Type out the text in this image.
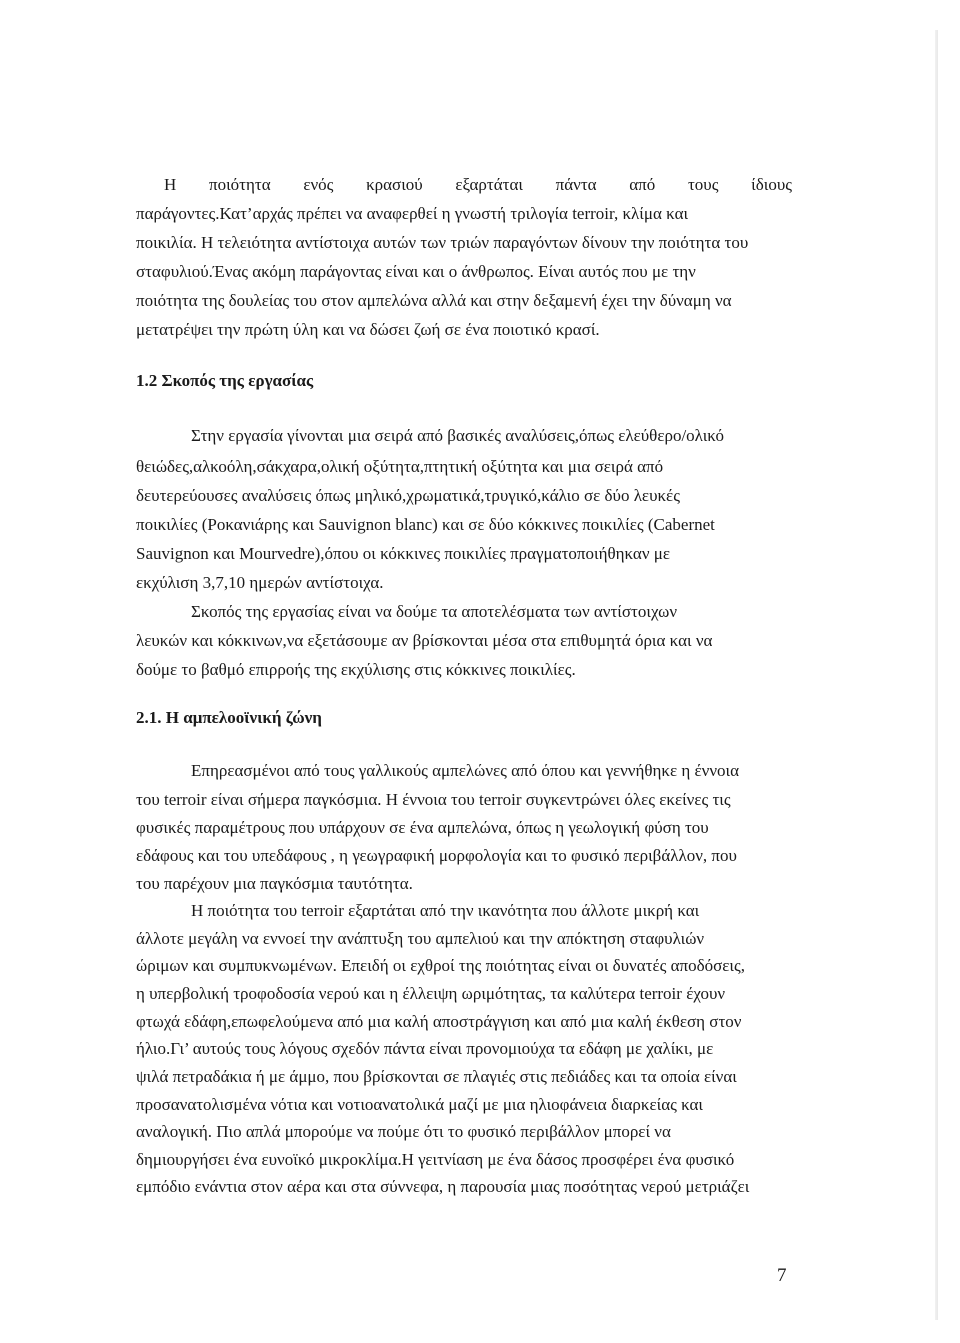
Η ποιότητα ενός κρασιού εξαρτάται πάντα από τους ίδιους
παράγοντες.Κατ’αρχάς πρέπει να αναφερθεί η γνωστή τριλογία terroir, κλίμα και
ποικιλία. Η τελειότητα αντίστοιχα αυτών των τριών παραγόντων δίνουν την ποιότητα του
σταφυλιού.Ένας ακόμη παράγοντας είναι και ο άνθρωπος. Είναι αυτός που με την
ποιότητα της δουλείας του στον αμπελώνα αλλά και στην δεξαμενή έχει την δύναμη να
μετατρέψει την πρώτη ύλη και να δώσει ζωή σε ένα ποιοτικό κρασί.
1.2 Σκοπός της εργασίας
Στην εργασία γίνονται μια σειρά από βασικές αναλύσεις,όπως ελεύθερο/ολικό
θειώδες,αλκοόλη,σάκχαρα,ολική οξύτητα,πτητική οξύτητα και μια σειρά από
δευτερεύουσες αναλύσεις όπως μηλικό,χρωματικά,τρυγικό,κάλιο σε δύο λευκές
ποικιλίες (Ροκανιάρης και Sauvignon blanc) και σε δύο κόκκινες ποικιλίες (Cabernet
Sauvignon και Mourvedre),όπου οι κόκκινες ποικιλίες πραγματοποιήθηκαν με
εκχύλιση 3,7,10 ημερών αντίστοιχα.
Σκοπός της εργασίας είναι να δούμε τα αποτελέσματα των αντίστοιχων
λευκών και κόκκινων,να εξετάσουμε αν βρίσκονται μέσα στα επιθυμητά όρια και να
δούμε το βαθμό επιρροής της εκχύλισης στις κόκκινες ποικιλίες.
2.1. Η αμπελοοϊνική ζώνη
Επηρεασμένοι από τους γαλλικούς αμπελώνες από όπου και γεννήθηκε η έννοια
του terroir είναι σήμερα παγκόσμια. Η έννοια του terroir συγκεντρώνει όλες εκείνες τις
φυσικές παραμέτρους που υπάρχουν σε ένα αμπελώνα, όπως η γεωλογική φύση του
εδάφους και του υπεδάφους , η γεωγραφική μορφολογία και το φυσικό περιβάλλον, που
του παρέχουν μια παγκόσμια ταυτότητα.
Η ποιότητα του terroir εξαρτάται από την ικανότητα που άλλοτε μικρή και
άλλοτε μεγάλη να εννοεί την ανάπτυξη του αμπελιού και την απόκτηση σταφυλιών
ώριμων και συμπυκνωμένων. Επειδή οι εχθροί της ποιότητας είναι οι δυνατές αποδόσεις,
η υπερβολική τροφοδοσία νερού και η έλλειψη ωριμότητας, τα καλύτερα terroir έχουν
φτωχά εδάφη,επωφελούμενα από μια καλή αποστράγγιση και από μια καλή έκθεση στον
ήλιο.Γι’ αυτούς τους λόγους σχεδόν πάντα είναι προνομιούχα τα εδάφη με χαλίκι, με
ψιλά πετραδάκια ή με άμμο, που βρίσκονται σε πλαγιές στις πεδιάδες και τα οποία είναι
προσανατολισμένα νότια και νοτιοανατολικά μαζί με μια ηλιοφάνεια διαρκείας και
αναλογική. Πιο απλά μπορούμε να πούμε ότι το φυσικό περιβάλλον μπορεί να
δημιουργήσει ένα ευνοϊκό μικροκλίμα.Η γειτνίαση με ένα δάσος προσφέρει ένα φυσικό
εμπόδιο ενάντια στον αέρα και στα σύννεφα, η παρουσία μιας ποσότητας νερού μετριάζει
7
